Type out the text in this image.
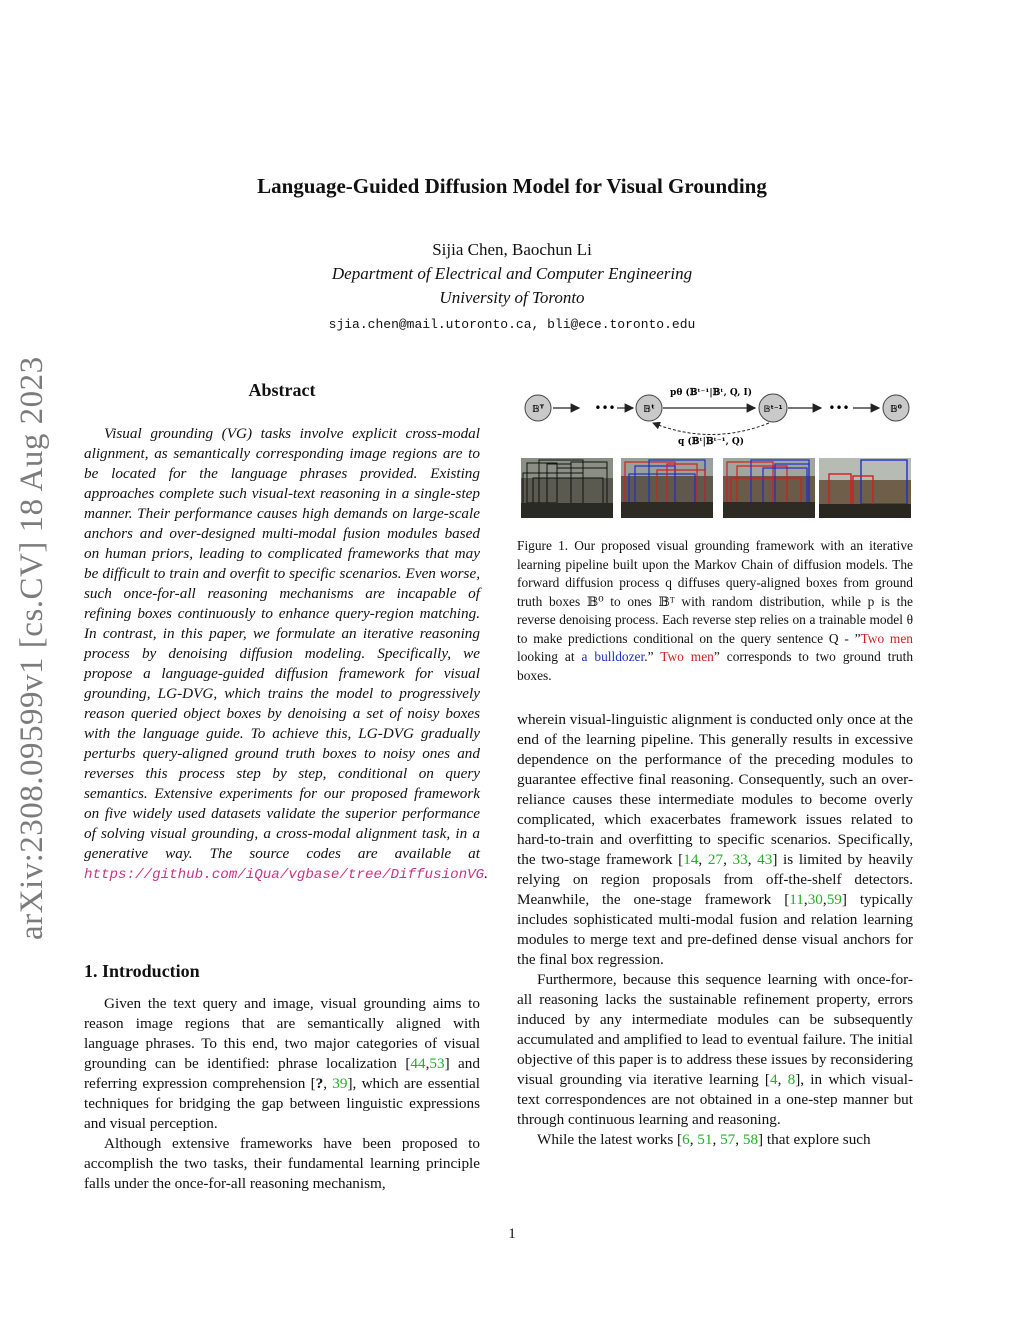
Language-Guided Diffusion Model for Visual Grounding
Sijia Chen, Baochun Li
Department of Electrical and Computer Engineering
University of Toronto
sjia.chen@mail.utoronto.ca, bli@ece.toronto.edu
arXiv:2308.09599v1 [cs.CV] 18 Aug 2023	Abstract

Visual grounding (VG) tasks involve explicit cross-modal alignment, as semantically corresponding image regions are to be located for the language phrases provided. Existing approaches complete such visual-text reasoning in a single-step manner. Their performance causes high demands on large-scale anchors and over-designed multi-modal fusion modules based on human priors, leading to complicated frameworks that may be difficult to train and overfit to specific scenarios. Even worse, such once-for-all reasoning mechanisms are incapable of refining boxes continuously to enhance query-region matching. In contrast, in this paper, we formulate an iterative reasoning process by denoising diffusion modeling. Specifically, we propose a language-guided diffusion framework for visual grounding, LG-DVG, which trains the model to progressively reason queried object boxes by denoising a set of noisy boxes with the language guide. To achieve this, LG-DVG gradually perturbs query-aligned ground truth boxes to noisy ones and reverses this process step by step, conditional on query semantics. Extensive experiments for our proposed framework on five widely used datasets validate the superior performance of solving visual grounding, a cross-modal alignment task, in a generative way. The source codes are available at https://github.com/iQua/vgbase/tree/DiffusionVG.

1. Introduction

Given the text query and image, visual grounding aims to reason image regions that are semantically aligned with language phrases. To this end, two major categories of visual grounding can be identified: phrase localization [44,53] and referring expression comprehension [?, 39], which are essential techniques for bridging the gap between linguistic expressions and visual perception.

Although extensive frameworks have been proposed to accomplish the two tasks, their fundamental learning principle falls under the once-for-all reasoning mechanism,

𝔹ᵀ	𝔹ᵗ	𝔹ᵗ⁻¹	𝔹⁰
•••	•••
pθ (𝔹ᵗ⁻¹|𝔹ᵗ, Q, I)
q (𝔹ᵗ|𝔹ᵗ⁻¹, Q)

Figure 1. Our proposed visual grounding framework with an iterative learning pipeline built upon the Markov Chain of diffusion models. The forward diffusion process q diffuses query-aligned boxes from ground truth boxes 𝔹⁰ to ones 𝔹ᵀ with random distribution, while p is the reverse denoising process. Each reverse step relies on a trainable model θ to make predictions conditional on the query sentence Q - ”Two men looking at a bulldozer.” Two men” corresponds to two ground truth boxes.

wherein visual-linguistic alignment is conducted only once at the end of the learning pipeline. This generally results in excessive dependence on the performance of the preceding modules to guarantee effective final reasoning. Consequently, such an over-reliance causes these intermediate modules to become overly complicated, which exacerbates framework issues related to hard-to-train and overfitting to specific scenarios. Specifically, the two-stage framework [14, 27, 33, 43] is limited by heavily relying on region proposals from off-the-shelf detectors. Meanwhile, the one-stage framework [11,30,59] typically includes sophisticated multi-modal fusion and relation learning modules to merge text and pre-defined dense visual anchors for the final box regression.

Furthermore, because this sequence learning with once-for-all reasoning lacks the sustainable refinement property, errors induced by any intermediate modules can be subsequently accumulated and amplified to lead to eventual failure. The initial objective of this paper is to address these issues by reconsidering visual grounding via iterative learning [4, 8], in which visual-text correspondences are not obtained in a one-step manner but through continuous learning and reasoning.

While the latest works [6, 51, 57, 58] that explore such

1
